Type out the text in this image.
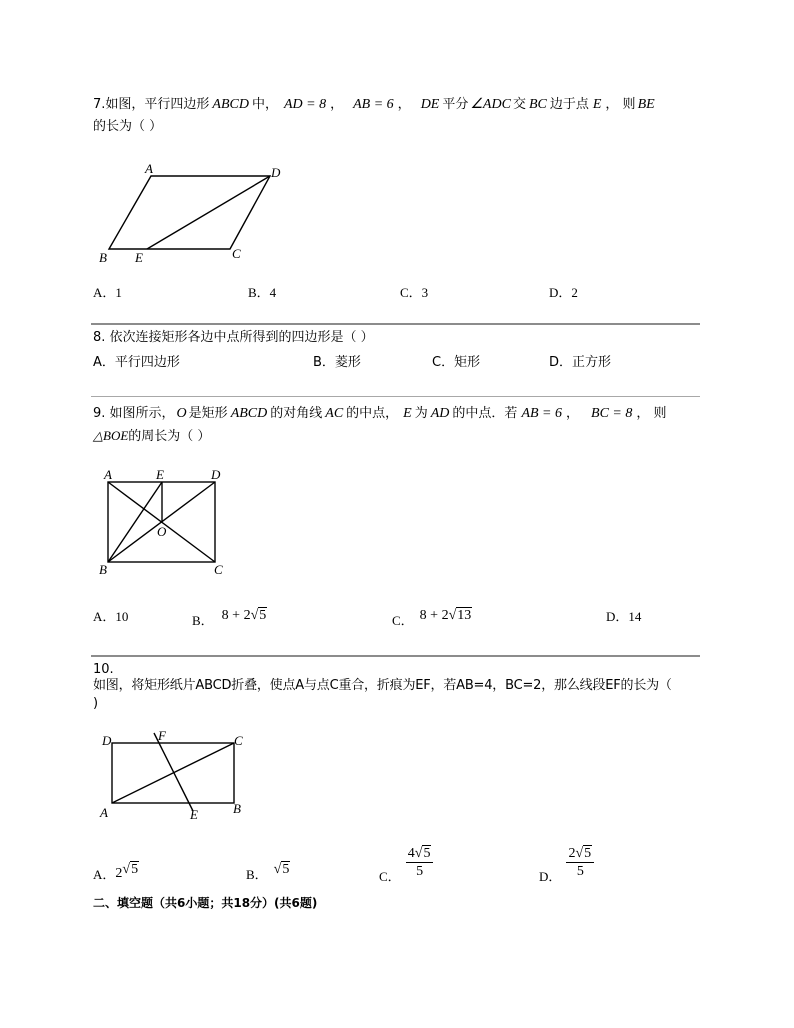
7.如图，平行四边形 ABCD 中， AD = 8 ， AB = 6 ， DE 平分 ∠ADC 交 BC 边于点 E ， 则 BE
的长为（ ）
A	D
B E	C
A．1	B．4	C．3	D．2
8. 依次连接矩形各边中点所得到的四边形是（ ）
A．平行四边形	B．菱形	C．矩形	D．正方形
9. 如图所示， O 是矩形 ABCD 的对角线 AC 的中点， E 为 AD 的中点．若 AB = 6 ， BC = 8 ， 则
△BOE的周长为（ ）
A	E	D
O
B	C
A．10	$_{B.}$ 8 + 2√5	$_{C.}$ 8 + 2√13	D．14
10.
如图，将矩形纸片ABCD折叠，使点A与点C重合，折痕为EF，若AB=4，BC=2，那么线段EF的长为（
)
D	F	C
A	E	B
$_{A.}$2√5	$_{B.}$ √5	$_{C.} \frac{4√5}{5}$	$_{D.} \frac{2√5}{5}$
二、填空题（共6小题；共18分）(共6题)
